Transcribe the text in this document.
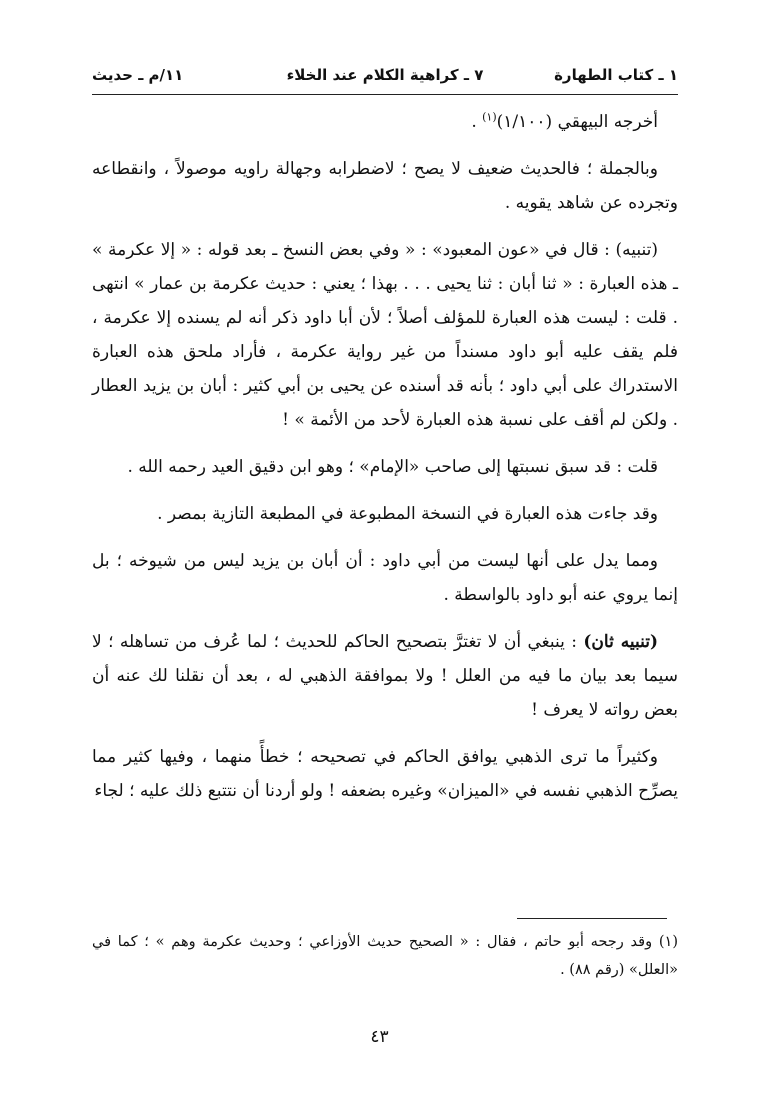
١ ـ كتاب الطهارة
٧ ـ كراهية الكلام عند الخلاء
١١/م ـ حديث

أخرجه البيهقي (١/١٠٠)$^{(١)}$ .

وبالجملة ؛ فالحديث ضعيف لا يصح ؛ لاضطرابه وجهالة راويه موصولاً ، وانقطاعه وتجرده عن شاهد يقويه .

(تنبيه) : قال في «عون المعبود» : « وفي بعض النسخ ـ بعد قوله : « إلا عكرمة » ـ هذه العبارة : « ثنا أبان : ثنا يحيى . . . بهذا ؛ يعني : حديث عكرمة بن عمار » انتهى . قلت : ليست هذه العبارة للمؤلف أصلاً ؛ لأن أبا داود ذكر أنه لم يسنده إلا عكرمة ، فلم يقف عليه أبو داود مسنداً من غير رواية عكرمة ، فأراد ملحق هذه العبارة الاستدراك على أبي داود ؛ بأنه قد أسنده عن يحيى بن أبي كثير : أبان بن يزيد العطار . ولكن لم أقف على نسبة هذه العبارة لأحد من الأئمة » !

قلت : قد سبق نسبتها إلى صاحب «الإمام» ؛ وهو ابن دقيق العيد رحمه الله .

وقد جاءت هذه العبارة في النسخة المطبوعة في المطبعة التازية بمصر .

ومما يدل على أنها ليست من أبي داود : أن أبان بن يزيد ليس من شيوخه ؛ بل إنما يروي عنه أبو داود بالواسطة .

(تنبيه ثان) : ينبغي أن لا تغترَّ بتصحيح الحاكم للحديث ؛ لما عُرف من تساهله ؛ لا سيما بعد بيان ما فيه من العلل ! ولا بموافقة الذهبي له ، بعد أن نقلنا لك عنه أن بعض رواته لا يعرف !

وكثيراً ما ترى الذهبي يوافق الحاكم في تصحيحه ؛ خطأً منهما ، وفيها كثير مما يصرِّح الذهبي نفسه في «الميزان» وغيره بضعفه ! ولو أردنا أن نتتبع ذلك عليه ؛ لجاء

(١) وقد رجحه أبو حاتم ، فقال : « الصحيح حديث الأوزاعي ؛ وحديث عكرمة وهم » ؛ كما في «العلل» (رقم ٨٨) .
٤٣
